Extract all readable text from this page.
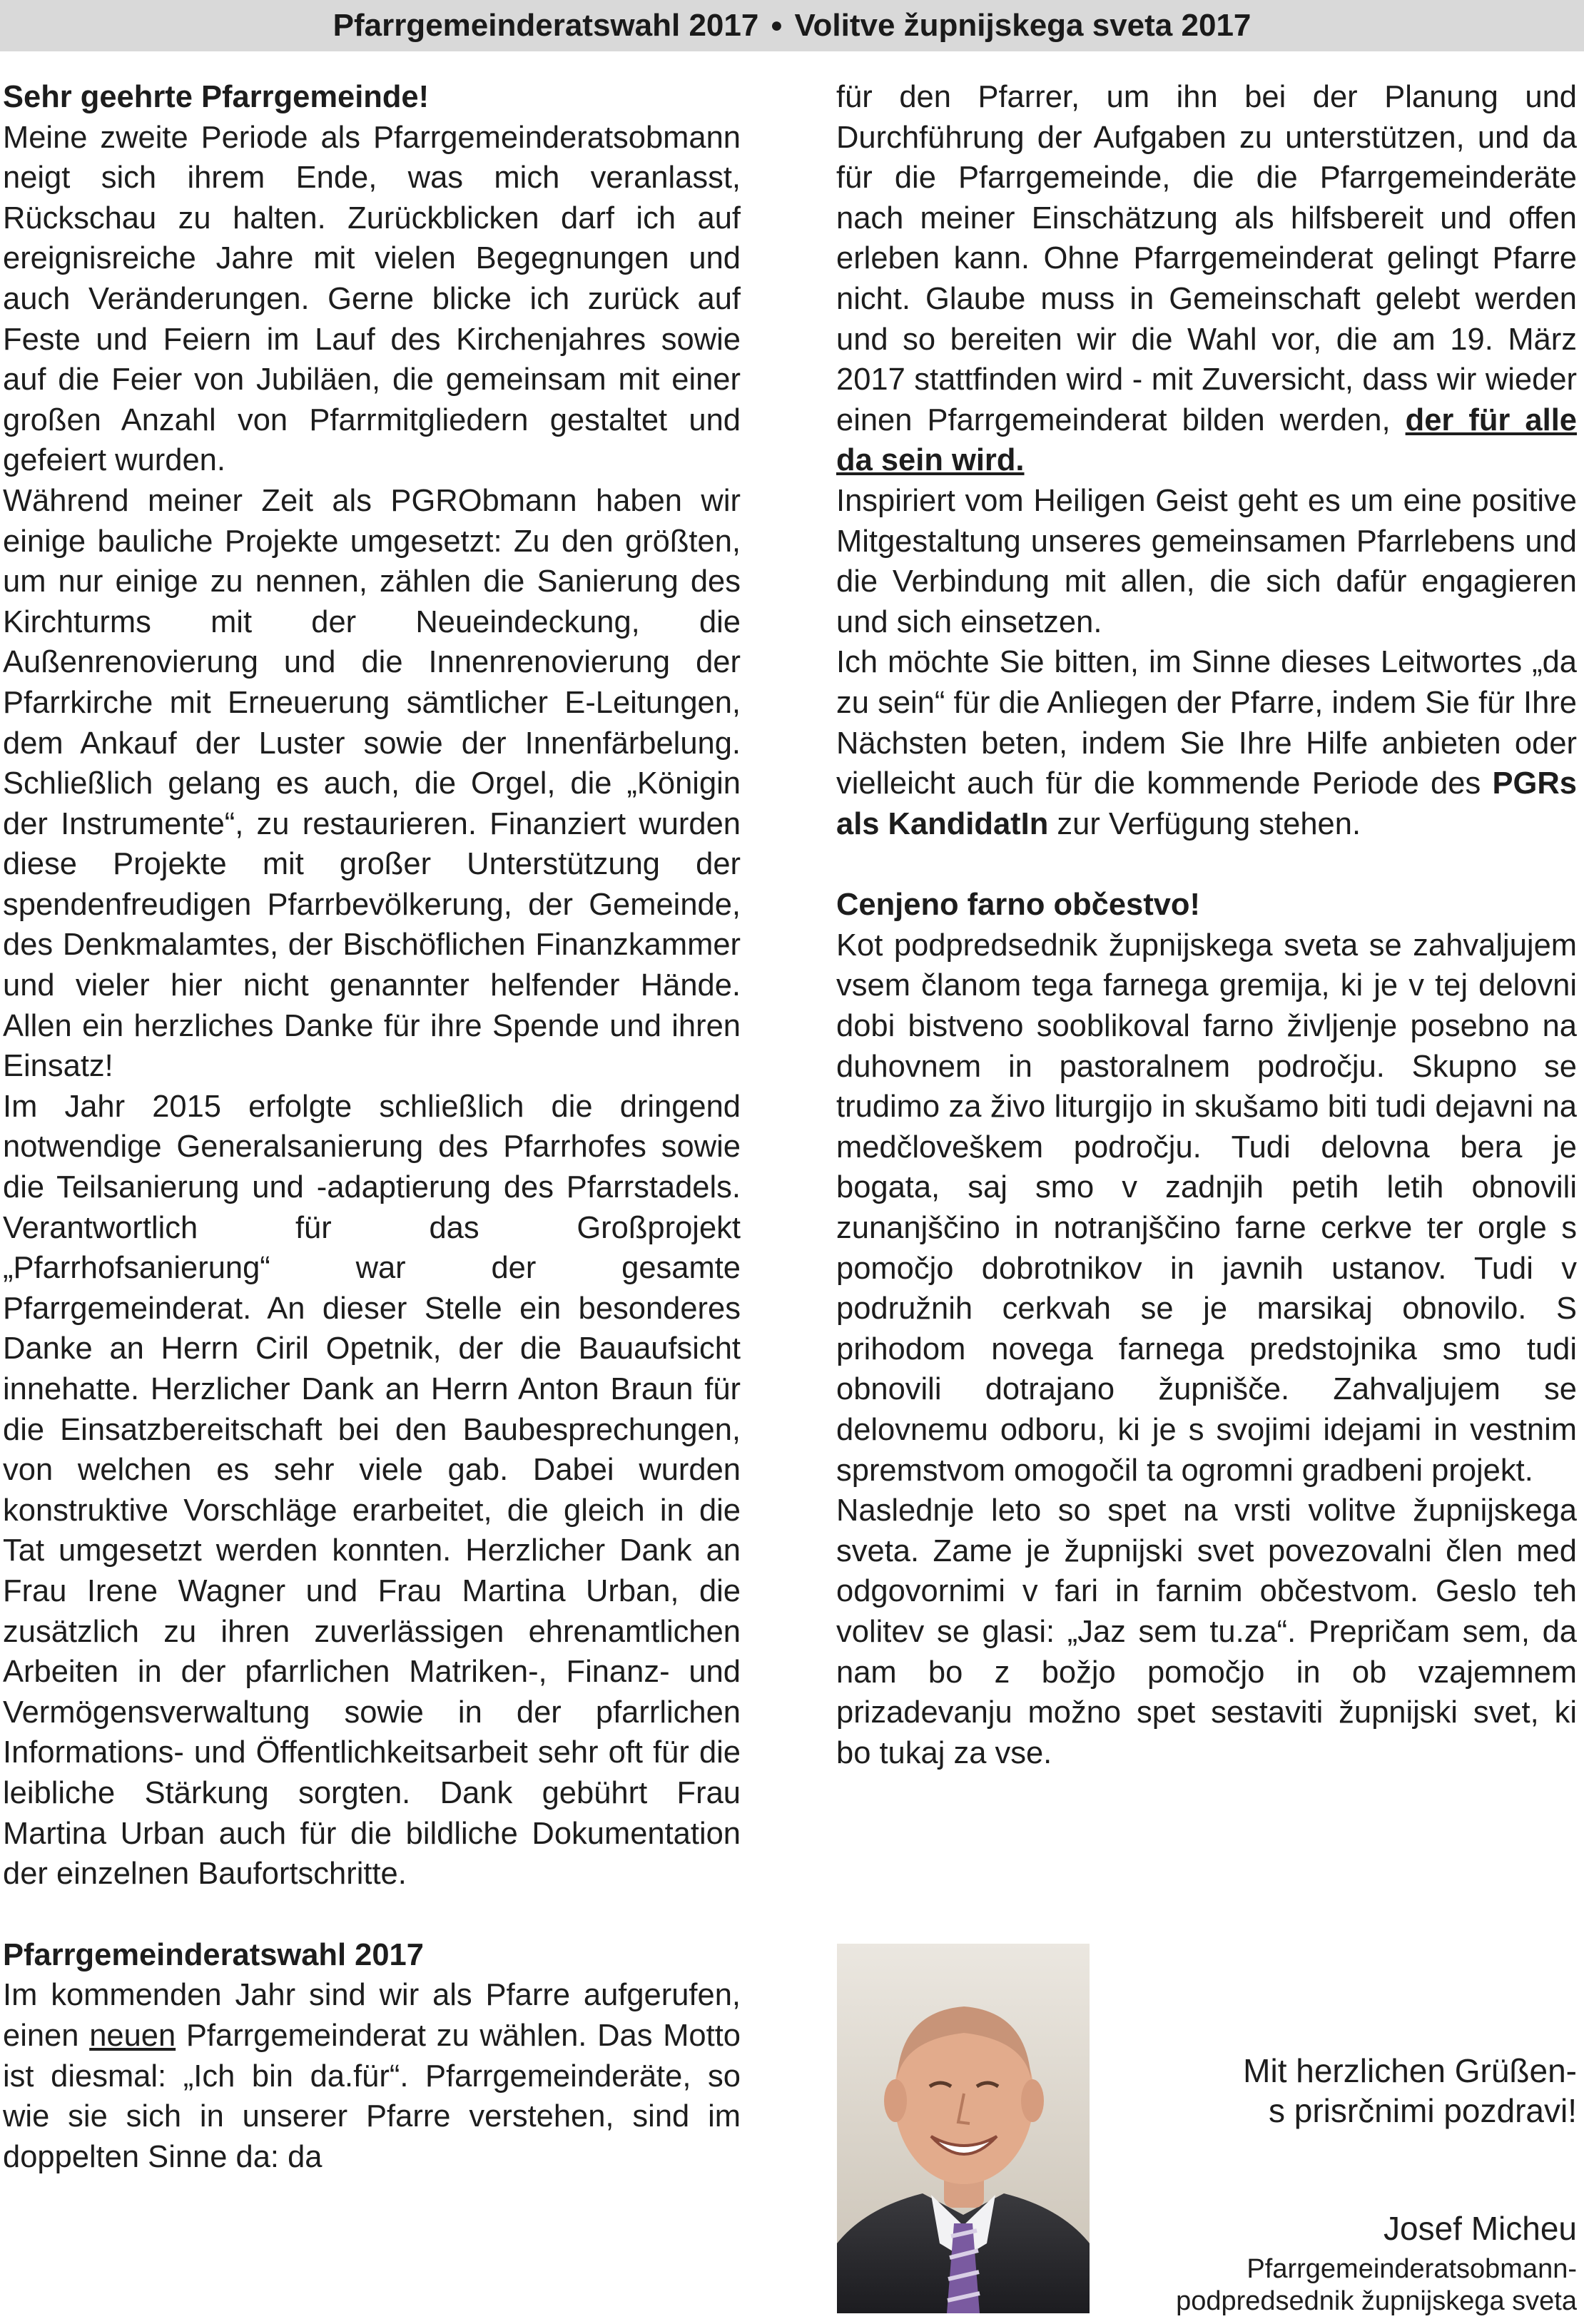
Pfarrgemeinderatswahl 2017 ● Volitve župnijskega sveta 2017

Sehr geehrte Pfarrgemeinde!

Meine zweite Periode als Pfarrgemeinderatsobmann neigt sich ihrem Ende, was mich veranlasst, Rückschau zu halten. Zurückblicken darf ich auf ereignisreiche Jahre mit vielen Begegnungen und auch Veränderungen. Gerne blicke ich zurück auf Feste und Feiern im Lauf des Kirchenjahres sowie auf die Feier von Jubiläen, die gemeinsam mit einer großen Anzahl von Pfarrmitgliedern gestaltet und gefeiert wurden.

Während meiner Zeit als PGRObmann haben wir einige bauliche Projekte umgesetzt: Zu den größten, um nur einige zu nennen, zählen die Sanierung des Kirchturms mit der Neueindeckung, die Außenrenovierung und die Innenrenovierung der Pfarrkirche mit Erneuerung sämtlicher E-Leitungen, dem Ankauf der Luster sowie der Innenfärbelung. Schließlich gelang es auch, die Orgel, die „Königin der Instrumente“, zu restaurieren. Finanziert wurden diese Projekte mit großer Unterstützung der spendenfreudigen Pfarrbevölkerung, der Gemeinde, des Denkmalamtes, der Bischöflichen Finanzkammer und vieler hier nicht genannter helfender Hände. Allen ein herzliches Danke für ihre Spende und ihren Einsatz!

Im Jahr 2015 erfolgte schließlich die dringend notwendige Generalsanierung des Pfarrhofes sowie die Teilsanierung und -adaptierung des Pfarrstadels. Verantwortlich für das Großprojekt „Pfarrhofsanierung“ war der gesamte Pfarrgemeinderat. An dieser Stelle ein besonderes Danke an Herrn Ciril Opetnik, der die Bauaufsicht innehatte. Herzlicher Dank an Herrn Anton Braun für die Einsatzbereitschaft bei den Baubesprechungen, von welchen es sehr viele gab. Dabei wurden konstruktive Vorschläge erarbeitet, die gleich in die Tat umgesetzt werden konnten. Herzlicher Dank an Frau Irene Wagner und Frau Martina Urban, die zusätzlich zu ihren zuverlässigen ehrenamtlichen Arbeiten in der pfarrlichen Matriken-, Finanz- und Vermögensverwaltung sowie in der pfarrlichen Informations- und Öffentlichkeitsarbeit sehr oft für die leibliche Stärkung sorgten. Dank gebührt Frau Martina Urban auch für die bildliche Dokumentation der einzelnen Baufortschritte.

Pfarrgemeinderatswahl 2017

Im kommenden Jahr sind wir als Pfarre aufgerufen, einen neuen Pfarrgemeinderat zu wählen. Das Motto ist diesmal: „Ich bin da.für“. Pfarrgemeinderäte, so wie sie sich in unserer Pfarre verstehen, sind im doppelten Sinne da: da

für den Pfarrer, um ihn bei der Planung und Durchführung der Aufgaben zu unterstützen, und da für die Pfarrgemeinde, die die Pfarrgemeinderäte nach meiner Einschätzung als hilfsbereit und offen erleben kann. Ohne Pfarrgemeinderat gelingt Pfarre nicht. Glaube muss in Gemeinschaft gelebt werden und so bereiten wir die Wahl vor, die am 19. März 2017 stattfinden wird - mit Zuversicht, dass wir wieder einen Pfarrgemeinderat bilden werden, der für alle da sein wird.

Inspiriert vom Heiligen Geist geht es um eine positive Mitgestaltung unseres gemeinsamen Pfarrlebens und die Verbindung mit allen, die sich dafür engagieren und sich einsetzen.

Ich möchte Sie bitten, im Sinne dieses Leitwortes „da zu sein“ für die Anliegen der Pfarre, indem Sie für Ihre Nächsten beten, indem Sie Ihre Hilfe anbieten oder vielleicht auch für die kommende Periode des PGRs als KandidatIn zur Verfügung stehen.

Cenjeno farno občestvo!

Kot podpredsednik župnijskega sveta se zahvaljujem vsem članom tega farnega gremija, ki je v tej delovni dobi bistveno sooblikoval farno življenje posebno na duhovnem in pastoralnem področju. Skupno se trudimo za živo liturgijo in skušamo biti tudi dejavni na medčloveškem področju. Tudi delovna bera je bogata, saj smo v zadnjih petih letih obnovili zunanjščino in notranjščino farne cerkve ter orgle s pomočjo dobrotnikov in javnih ustanov. Tudi v podružnih cerkvah se je marsikaj obnovilo. S prihodom novega farnega predstojnika smo tudi obnovili dotrajano župnišče. Zahvaljujem se delovnemu odboru, ki je s svojimi idejami in vestnim spremstvom omogočil ta ogromni gradbeni projekt.

Naslednje leto so spet na vrsti volitve župnijskega sveta. Zame je župnijski svet povezovalni člen med odgovornimi v fari in farnim občestvom. Geslo teh volitev se glasi: „Jaz sem tu.za“. Prepričam sem, da nam bo z božjo pomočjo in ob vzajemnem prizadevanju možno spet sestaviti župnijski svet, ki bo tukaj za vse.

Mit herzlichen Grüßen-
s prisrčnimi pozdravi!
Josef Micheu
Pfarrgemeinderatsobmann-
podpredsednik župnijskega sveta
